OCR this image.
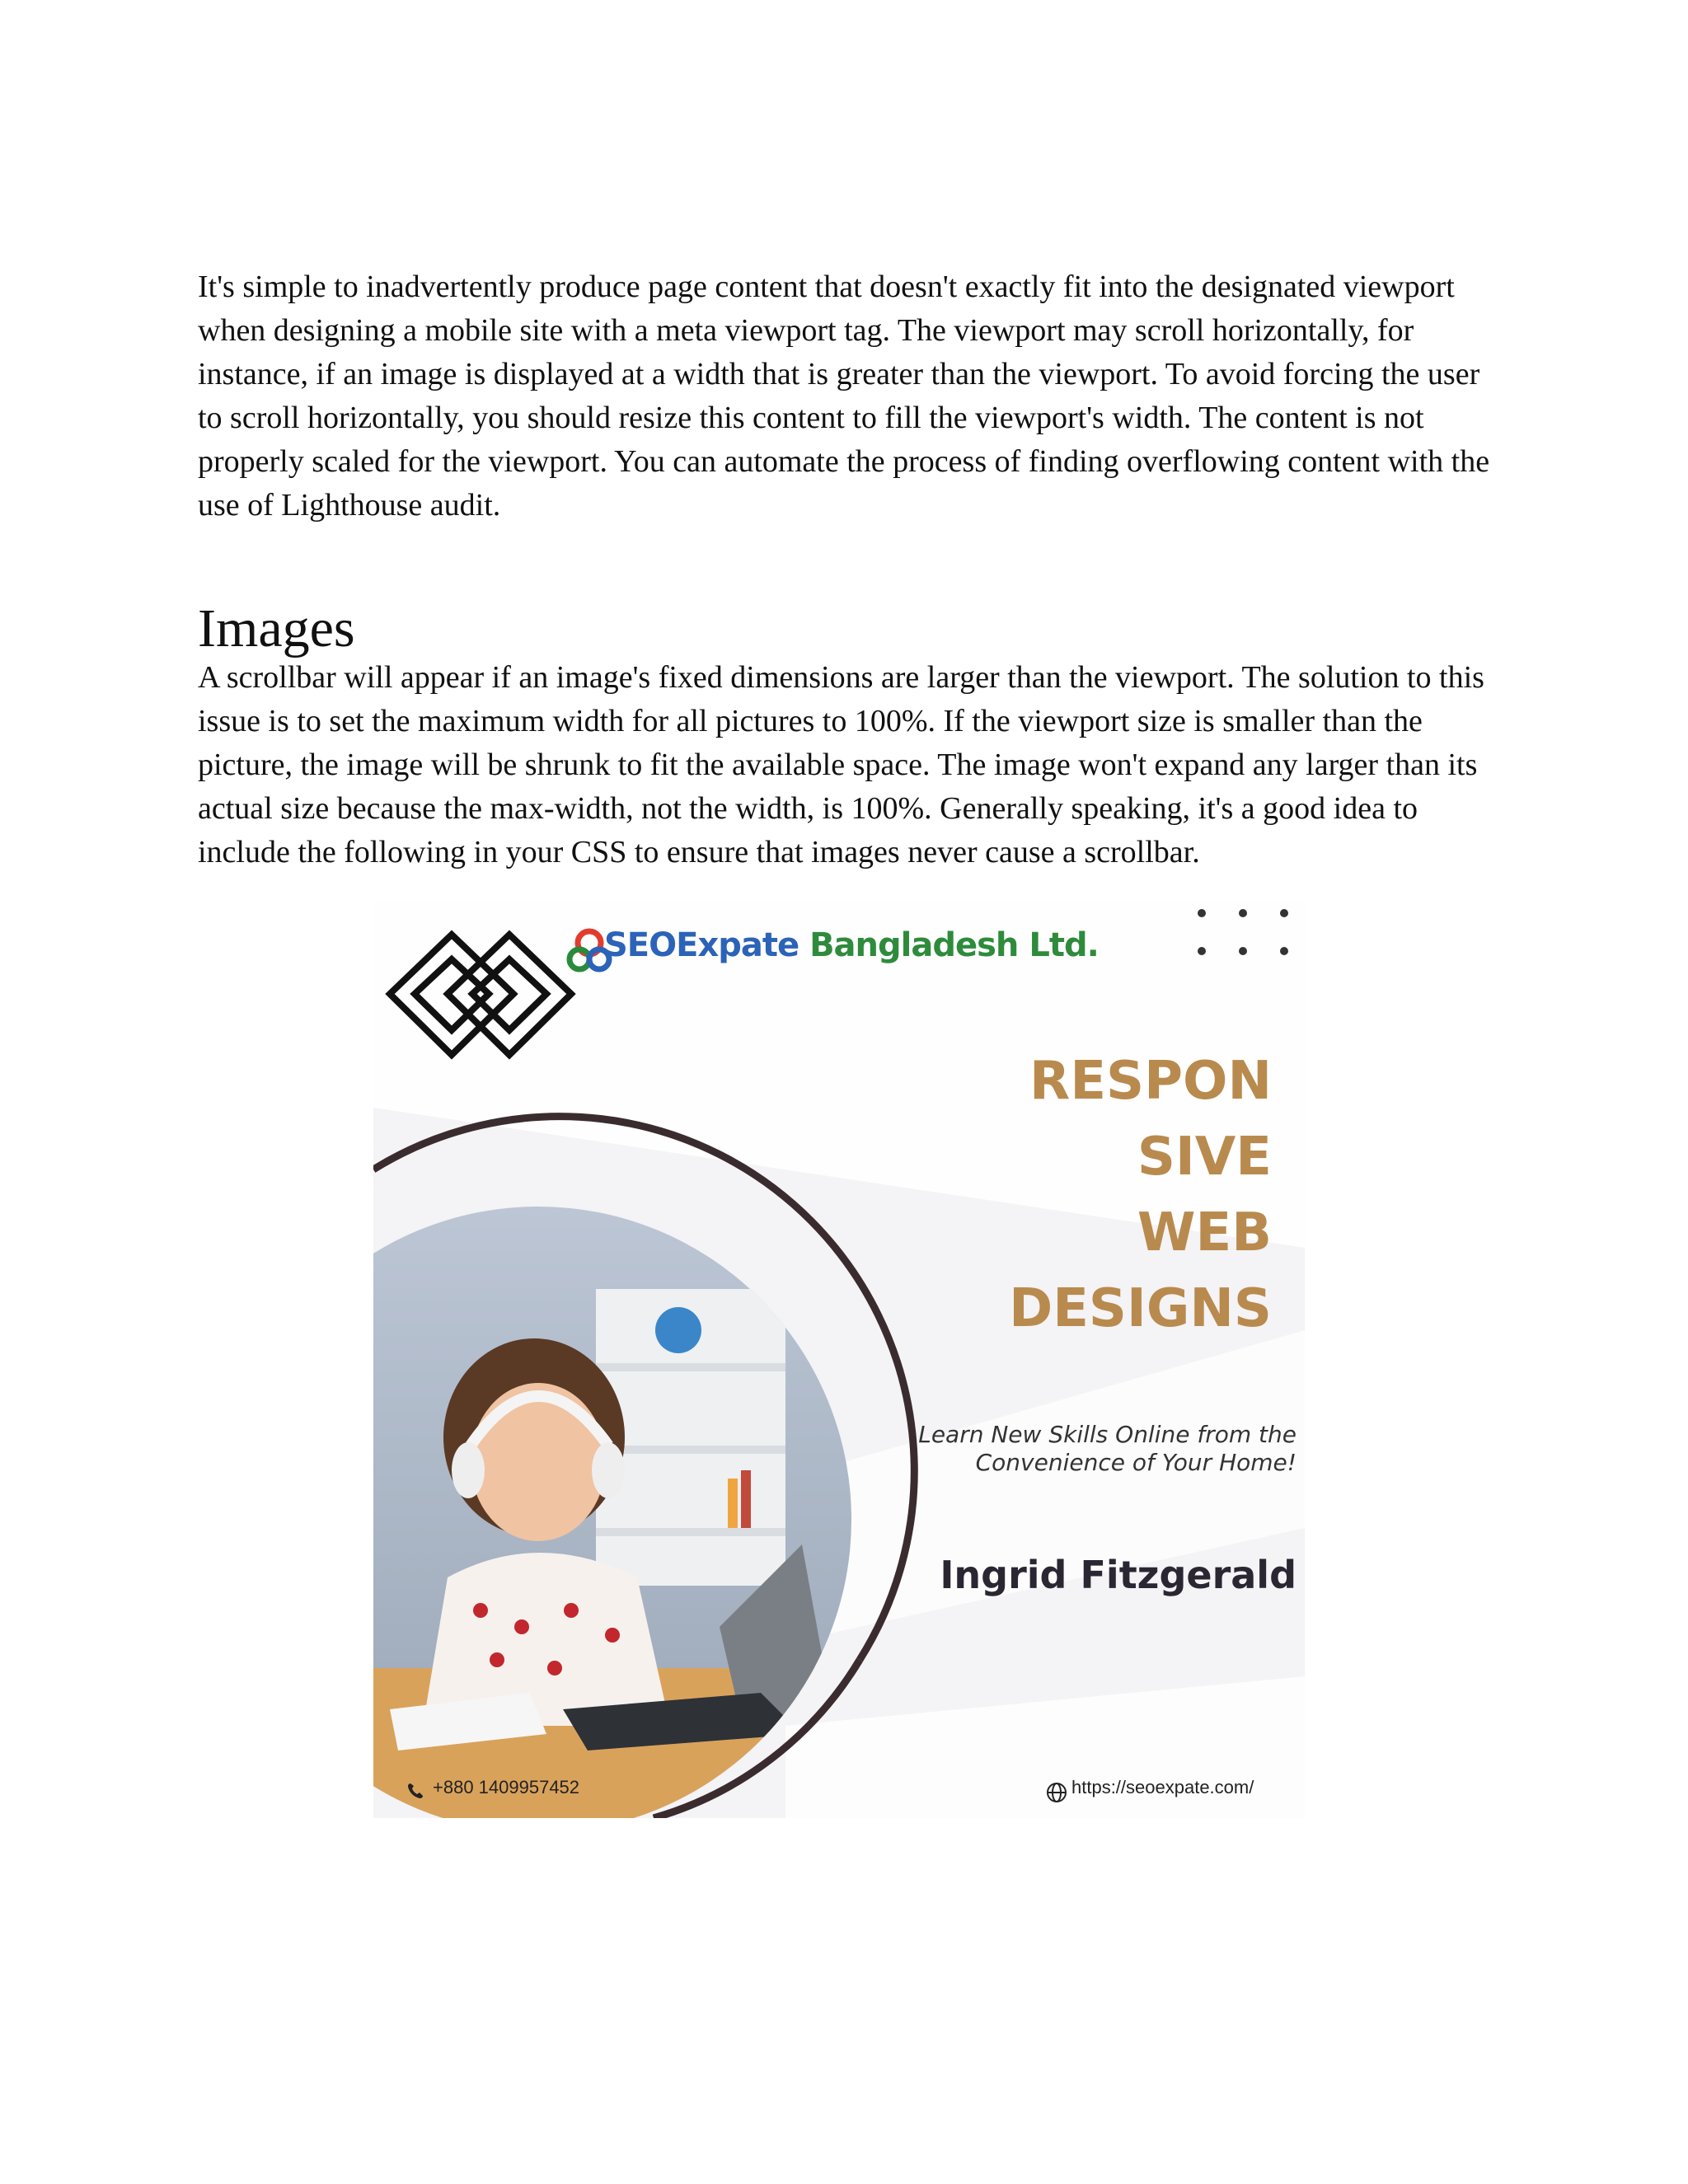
It's simple to inadvertently produce page content that doesn't exactly fit into the designated viewport when designing a mobile site with a meta viewport tag. The viewport may scroll horizontally, for instance, if an image is displayed at a width that is greater than the viewport. To avoid forcing the user to scroll horizontally, you should resize this content to fill the viewport's width. The content is not properly scaled for the viewport. You can automate the process of finding overflowing content with the use of Lighthouse audit.

Images

A scrollbar will appear if an image's fixed dimensions are larger than the viewport. The solution to this issue is to set the maximum width for all pictures to 100%. If the viewport size is smaller than the picture, the image will be shrunk to fit the available space. The image won't expand any larger than its actual size because the max-width, not the width, is 100%. Generally speaking, it's a good idea to include the following in your CSS to ensure that images never cause a scrollbar.

SEOExpate Bangladesh Ltd.
RESPON
SIVE
WEB
DESIGNS
Learn New Skills Online from the
Convenience of Your Home!
Ingrid Fitzgerald
+880 1409957452	https://seoexpate.com/
